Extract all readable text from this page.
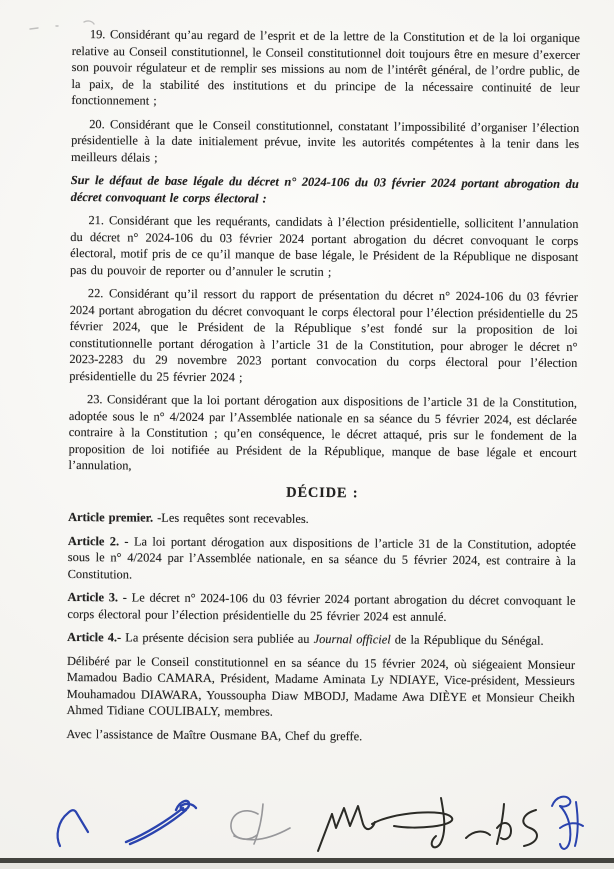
19. Considérant qu’au regard de l’esprit et de la lettre de la Constitution et de la loi organique relative au Conseil constitutionnel, le Conseil constitutionnel doit toujours être en mesure d’exercer son pouvoir régulateur et de remplir ses missions au nom de l’intérêt général, de l’ordre public, de la paix, de la stabilité des institutions et du principe de la nécessaire continuité de leur fonctionnement ;

20. Considérant que le Conseil constitutionnel, constatant l’impossibilité d’organiser l’élection présidentielle à la date initialement prévue, invite les autorités compétentes à la tenir dans les meilleurs délais ;

Sur le défaut de base légale du décret n° 2024-106 du 03 février 2024 portant abrogation du décret convoquant le corps électoral :

21. Considérant que les requérants, candidats à l’élection présidentielle, sollicitent l’annulation du décret n° 2024-106 du 03 février 2024 portant abrogation du décret convoquant le corps électoral, motif pris de ce qu’il manque de base légale, le Président de la République ne disposant pas du pouvoir de reporter ou d’annuler le scrutin ;

22. Considérant qu’il ressort du rapport de présentation du décret n° 2024-106 du 03 février 2024 portant abrogation du décret convoquant le corps électoral pour l’élection présidentielle du 25 février 2024, que le Président de la République s’est fondé sur la proposition de loi constitutionnelle portant dérogation à l’article 31 de la Constitution, pour abroger le décret n° 2023-2283 du 29 novembre 2023 portant convocation du corps électoral pour l’élection présidentielle du 25 février 2024 ;

23. Considérant que la loi portant dérogation aux dispositions de l’article 31 de la Constitution, adoptée sous le n° 4/2024 par l’Assemblée nationale en sa séance du 5 février 2024, est déclarée contraire à la Constitution ; qu’en conséquence, le décret attaqué, pris sur le fondement de la proposition de loi notifiée au Président de la République, manque de base légale et encourt l’annulation,

DÉCIDE :

Article premier. -Les requêtes sont recevables.

Article 2. - La loi portant dérogation aux dispositions de l’article 31 de la Constitution, adoptée sous le n° 4/2024 par l’Assemblée nationale, en sa séance du 5 février 2024, est contraire à la Constitution.

Article 3. - Le décret n° 2024-106 du 03 février 2024 portant abrogation du décret convoquant le corps électoral pour l’élection présidentielle du 25 février 2024 est annulé.

Article 4.- La présente décision sera publiée au Journal officiel de la République du Sénégal.

Délibéré par le Conseil constitutionnel en sa séance du 15 février 2024, où siégeaient Monsieur Mamadou Badio CAMARA, Président, Madame Aminata Ly NDIAYE, Vice-président, Messieurs Mouhamadou DIAWARA, Youssoupha Diaw MBODJ, Madame Awa DIÈYE et Monsieur Cheikh Ahmed Tidiane COULIBALY, membres.

Avec l’assistance de Maître Ousmane BA, Chef du greffe.
